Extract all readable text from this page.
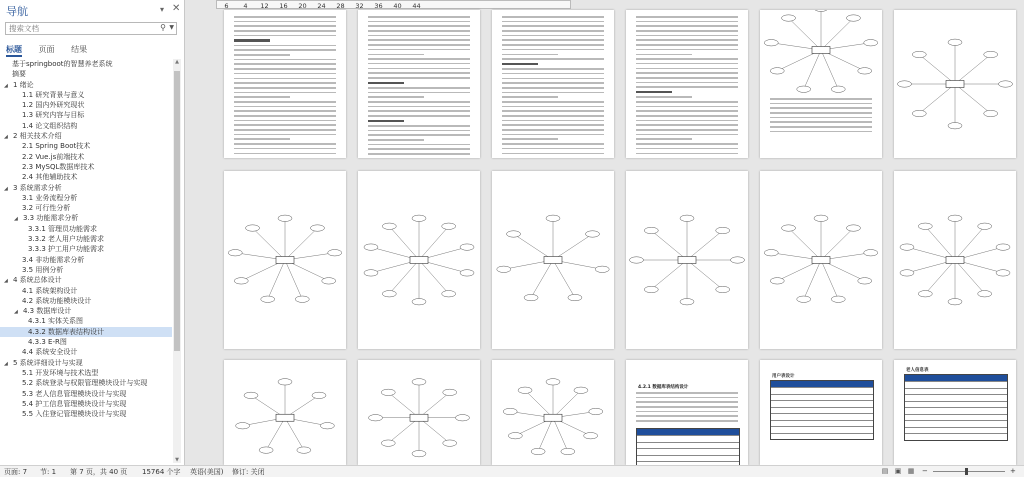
导航	▾ ✕
搜索文档
⚲ ▼
标题 页面 结果
基于springboot的智慧养老系统
摘要
◢ 1 绪论
1.1 研究背景与意义
1.2 国内外研究现状
1.3 研究内容与目标
1.4 论文组织结构
◢ 2 相关技术介绍
2.1 Spring Boot技术
2.2 Vue.js前端技术
2.3 MySQL数据库技术
2.4 其他辅助技术
◢ 3 系统需求分析
3.1 业务流程分析
3.2 可行性分析
◢ 3.3 功能需求分析
3.3.1 管理员功能需求
3.3.2 老人用户功能需求
3.3.3 护工用户功能需求
3.4 非功能需求分析
3.5 用例分析
◢ 4 系统总体设计
4.1 系统架构设计
4.2 系统功能模块设计
◢ 4.3 数据库设计
4.3.1 实体关系图
4.3.2 数据库表结构设计
4.3.3 E-R图
4.4 系统安全设计
◢ 5 系统详细设计与实现
5.1 开发环境与技术选型
5.2 系统登录与权限管理模块设计与实现
5.3 老人信息管理模块设计与实现
5.4 护工信息管理模块设计与实现
5.5 入住登记管理模块设计与实现
▲
▼
6 4 12 16 20 24 28 32 36 40 44
4.2.1 数据库表结构设计
用户表设计
老人信息表
页面: 7 节: 1 第 7 页，共 40 页 15764 个字 英语(美国) 修订: 关闭	▤ ▣ ▦ −	+
